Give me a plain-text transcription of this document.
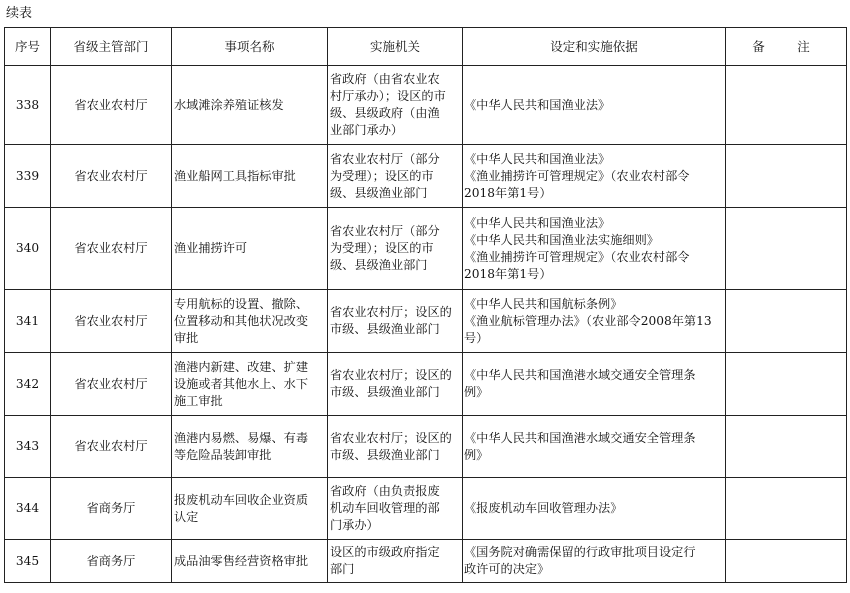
续表
序号	省级主管部门	事项名称	实施机关	设定和实施依据	备　注
338	省农业农村厅	水域滩涂养殖证核发	省政府（由省农业农
村厅承办）；设区的市
级、县级政府（由渔
业部门承办）	《中华人民共和国渔业法》	
339	省农业农村厅	渔业船网工具指标审批	省农业农村厅（部分
为受理）；设区的市
级、县级渔业部门	《中华人民共和国渔业法》
《渔业捕捞许可管理规定》（农业农村部令
2018年第1号）	
340	省农业农村厅	渔业捕捞许可	省农业农村厅（部分
为受理）；设区的市
级、县级渔业部门	《中华人民共和国渔业法》
《中华人民共和国渔业法实施细则》
《渔业捕捞许可管理规定》（农业农村部令
2018年第1号）	
341	省农业农村厅	专用航标的设置、撤除、
位置移动和其他状况改变
审批	省农业农村厅；设区的
市级、县级渔业部门	《中华人民共和国航标条例》
《渔业航标管理办法》（农业部令2008年第13
号）	
342	省农业农村厅	渔港内新建、改建、扩建
设施或者其他水上、水下
施工审批	省农业农村厅；设区的
市级、县级渔业部门	《中华人民共和国渔港水域交通安全管理条
例》	
343	省农业农村厅	渔港内易燃、易爆、有毒
等危险品装卸审批	省农业农村厅；设区的
市级、县级渔业部门	《中华人民共和国渔港水域交通安全管理条
例》	
344	省商务厅	报废机动车回收企业资质
认定	省政府（由负责报废
机动车回收管理的部
门承办）	《报废机动车回收管理办法》	
345	省商务厅	成品油零售经营资格审批	设区的市级政府指定
部门	《国务院对确需保留的行政审批项目设定行
政许可的决定》	
